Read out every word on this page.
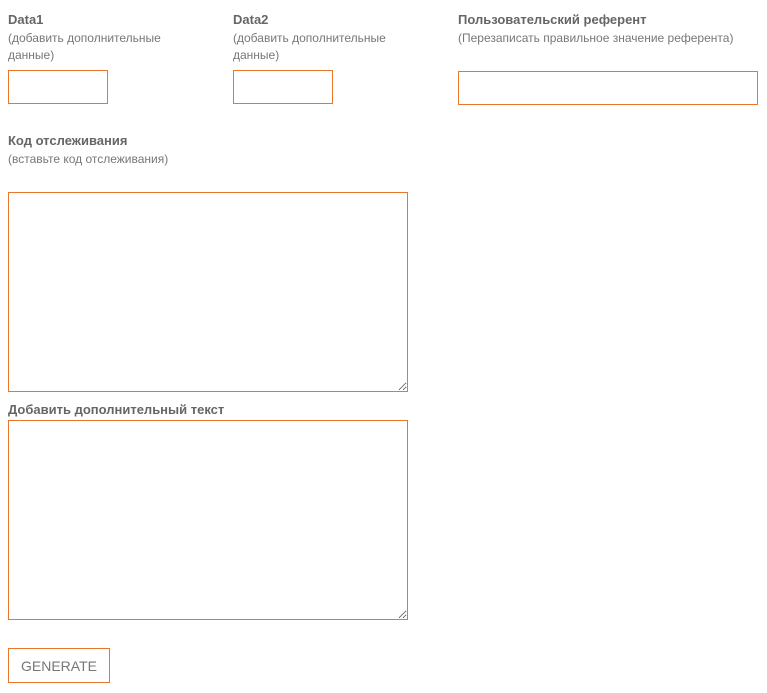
Data1
(добавить дополнительные данные)
Data2
(добавить дополнительные данные)
Пользовательский референт
(Перезаписать правильное значение референта)
Код отслеживания
(вставьте код отслеживания)
Добавить дополнительный текст
GENERATE
